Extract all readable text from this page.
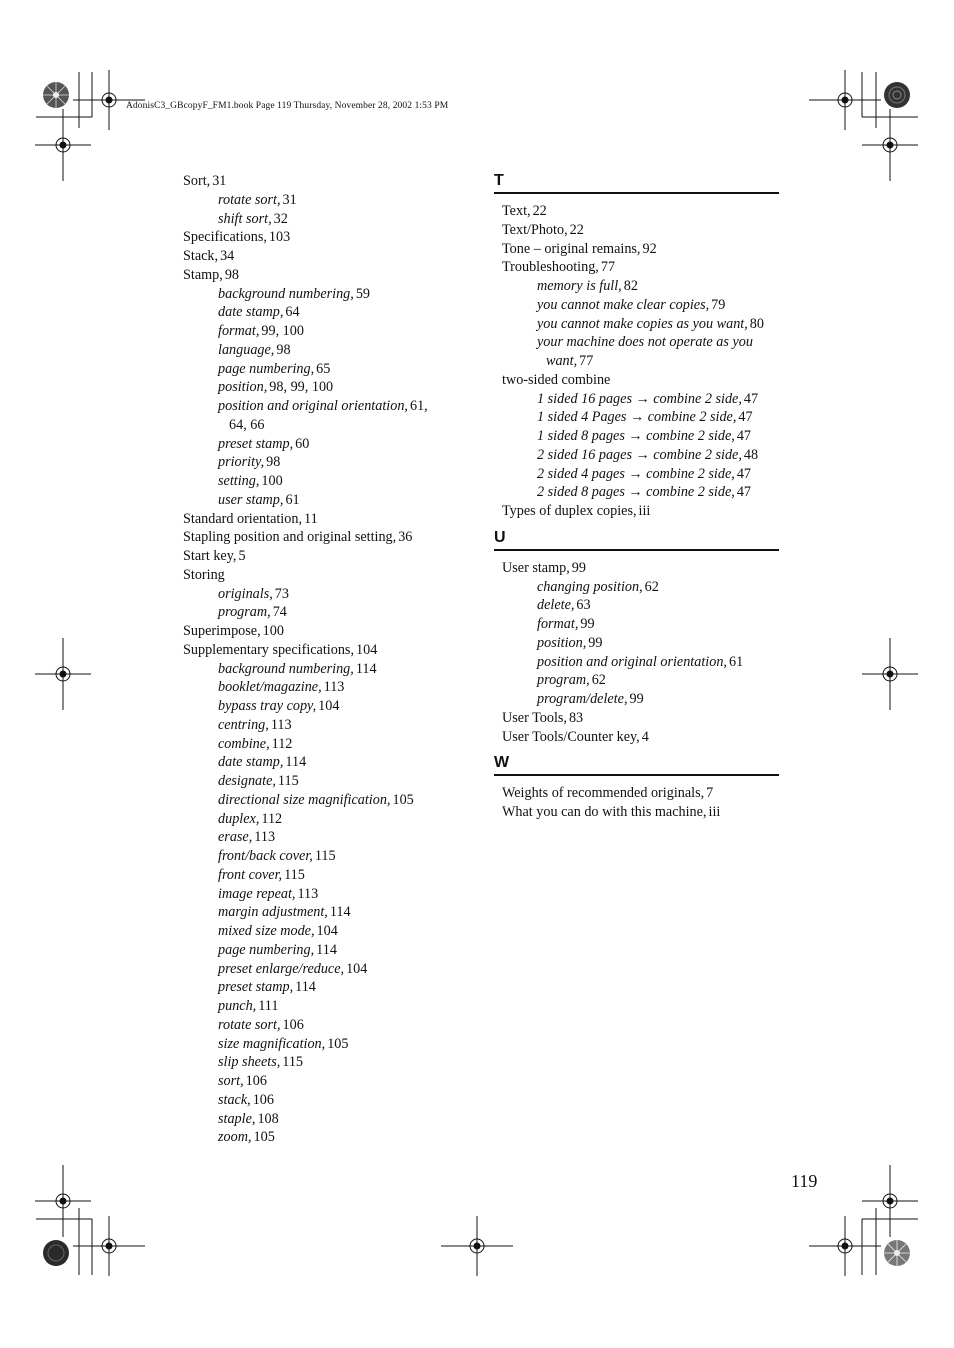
AdonisC3_GBcopyF_FM1.book Page 119 Thursday, November 28, 2002 1:53 PM
Sort, 31
rotate sort, 31
shift sort, 32
Specifications, 103
Stack, 34
Stamp, 98
background numbering, 59
date stamp, 64
format, 99, 100
language, 98
page numbering, 65
position, 98, 99, 100
position and original orientation, 61,
64, 66
preset stamp, 60
priority, 98
setting, 100
user stamp, 61
Standard orientation, 11
Stapling position and original setting, 36
Start key, 5
Storing
originals, 73
program, 74
Superimpose, 100
Supplementary specifications, 104
background numbering, 114
booklet/magazine, 113
bypass tray copy, 104
centring, 113
combine, 112
date stamp, 114
designate, 115
directional size magnification, 105
duplex, 112
erase, 113
front/back cover, 115
front cover, 115
image repeat, 113
margin adjustment, 114
mixed size mode, 104
page numbering, 114
preset enlarge/reduce, 104
preset stamp, 114
punch, 111
rotate sort, 106
size magnification, 105
slip sheets, 115
sort, 106
stack, 106
staple, 108
zoom, 105
T
Text, 22
Text/Photo, 22
Tone – original remains, 92
Troubleshooting, 77
memory is full, 82
you cannot make clear copies, 79
you cannot make copies as you want, 80
your machine does not operate as you
want, 77
two-sided combine
1 sided 16 pages → combine 2 side, 47
1 sided 4 Pages → combine 2 side, 47
1 sided 8 pages → combine 2 side, 47
2 sided 16 pages → combine 2 side, 48
2 sided 4 pages → combine 2 side, 47
2 sided 8 pages → combine 2 side, 47
Types of duplex copies, iii
U
User stamp, 99
changing position, 62
delete, 63
format, 99
position, 99
position and original orientation, 61
program, 62
program/delete, 99
User Tools, 83
User Tools/Counter key, 4
W
Weights of recommended originals, 7
What you can do with this machine, iii
119
